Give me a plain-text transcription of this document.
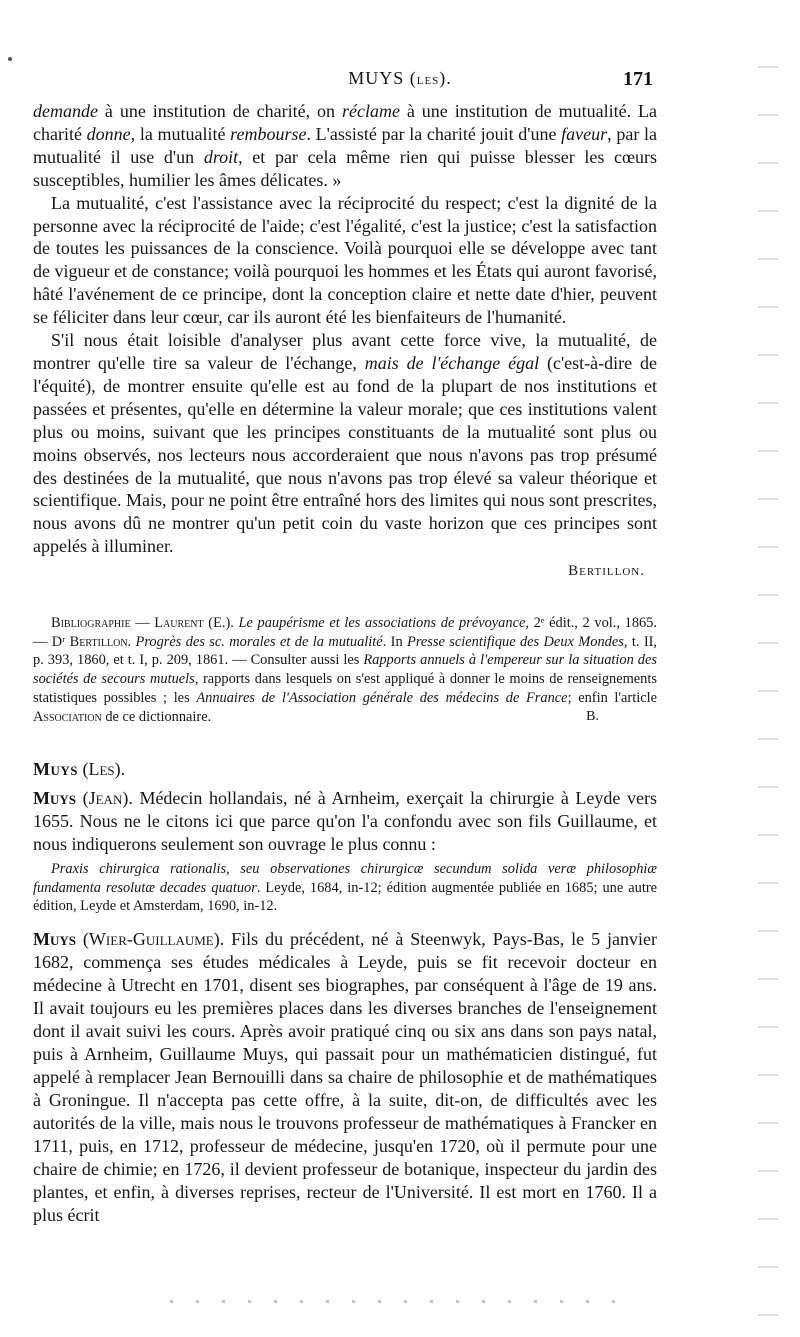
MUYS (les).	171

demande à une institution de charité, on réclame à une institution de mutualité. La charité donne, la mutualité rembourse. L'assisté par la charité jouit d'une faveur, par la mutualité il use d'un droit, et par cela même rien qui puisse blesser les cœurs susceptibles, humilier les âmes délicates. »

La mutualité, c'est l'assistance avec la réciprocité du respect; c'est la dignité de la personne avec la réciprocité de l'aide; c'est l'égalité, c'est la justice; c'est la satisfaction de toutes les puissances de la conscience. Voilà pourquoi elle se développe avec tant de vigueur et de constance; voilà pourquoi les hommes et les États qui auront favorisé, hâté l'avénement de ce principe, dont la conception claire et nette date d'hier, peuvent se féliciter dans leur cœur, car ils auront été les bienfaiteurs de l'humanité.

S'il nous était loisible d'analyser plus avant cette force vive, la mutualité, de montrer qu'elle tire sa valeur de l'échange, mais de l'échange égal (c'est-à-dire de l'équité), de montrer ensuite qu'elle est au fond de la plupart de nos institutions et passées et présentes, qu'elle en détermine la valeur morale; que ces institutions valent plus ou moins, suivant que les principes constituants de la mutualité sont plus ou moins observés, nos lecteurs nous accorderaient que nous n'avons pas trop présumé des destinées de la mutualité, que nous n'avons pas trop élevé sa valeur théorique et scientifique. Mais, pour ne point être entraîné hors des limites qui nous sont prescrites, nous avons dû ne montrer qu'un petit coin du vaste horizon que ces principes sont appelés à illuminer.

Bertillon.

Bibliographie — Laurent (E.). Le paupérisme et les associations de prévoyance, 2ᵉ édit., 2 vol., 1865. — Dʳ Bertillon. Progrès des sc. morales et de la mutualité. In Presse scientifique des Deux Mondes, t. II, p. 393, 1860, et t. I, p. 209, 1861. — Consulter aussi les Rapports annuels à l'empereur sur la situation des sociétés de secours mutuels, rapports dans lesquels on s'est appliqué à donner le moins de renseignements statistiques possibles ; les Annuaires de l'Association générale des médecins de France; enfin l'article Association de ce dictionnaire.	B.

Muys (Les).

Muys (Jean). Médecin hollandais, né à Arnheim, exerçait la chirurgie à Leyde vers 1655. Nous ne le citons ici que parce qu'on l'a confondu avec son fils Guillaume, et nous indiquerons seulement son ouvrage le plus connu :

Praxis chirurgica rationalis, seu observationes chirurgicæ secundum solida veræ philosophiæ fundamenta resolutæ decades quatuor. Leyde, 1684, in-12; édition augmentée publiée en 1685; une autre édition, Leyde et Amsterdam, 1690, in-12.

Muys (Wier-Guillaume). Fils du précédent, né à Steenwyk, Pays-Bas, le 5 janvier 1682, commença ses études médicales à Leyde, puis se fit recevoir docteur en médecine à Utrecht en 1701, disent ses biographes, par conséquent à l'âge de 19 ans. Il avait toujours eu les premières places dans les diverses branches de l'enseignement dont il avait suivi les cours. Après avoir pratiqué cinq ou six ans dans son pays natal, puis à Arnheim, Guillaume Muys, qui passait pour un mathématicien distingué, fut appelé à remplacer Jean Bernouilli dans sa chaire de philosophie et de mathématiques à Groningue. Il n'accepta pas cette offre, à la suite, dit-on, de difficultés avec les autorités de la ville, mais nous le trouvons professeur de mathématiques à Francker en 1711, puis, en 1712, professeur de médecine, jusqu'en 1720, où il permute pour une chaire de chimie; en 1726, il devient professeur de botanique, inspecteur du jardin des plantes, et enfin, à diverses reprises, recteur de l'Université. Il est mort en 1760. Il a plus écrit
